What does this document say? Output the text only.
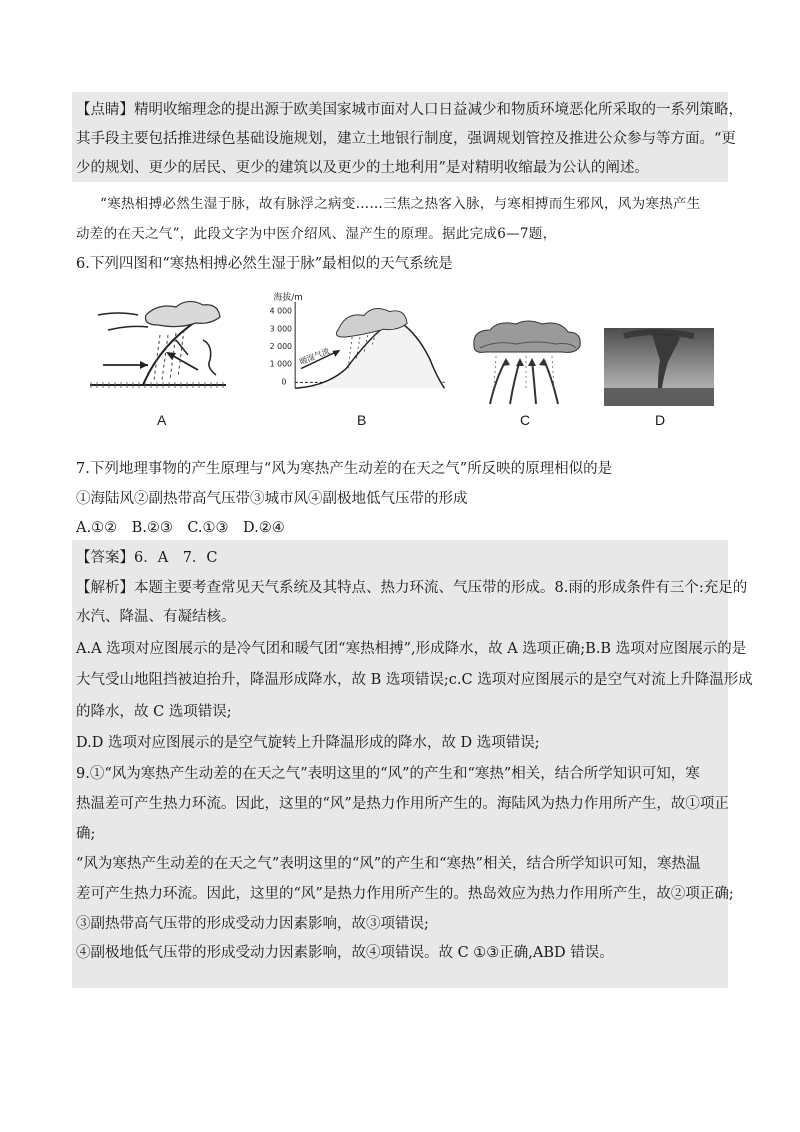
【点睛】精明收缩理念的提出源于欧美国家城市面对人口日益减少和物质环境恶化所采取的一系列策略，
其手段主要包括推进绿色基础设施规划，建立土地银行制度，强调规划管控及推进公众参与等方面。“更
少的规划、更少的居民、更少的建筑以及更少的土地利用”是对精明收缩最为公认的阐述。
“寒热相搏必然生湿于脉，故有脉浮之病变……三焦之热客入脉，与寒相搏而生邪风，风为寒热产生
动差的在天之气”，此段文字为中医介绍风、湿产生的原理。据此完成6—7题，
6.下列四图和“寒热相搏必然生湿于脉”最相似的天气系统是
海拔/m
4 000
3 000
2 000
1 000
0
暖湿气流
A	B	C	D
7.下列地理事物的产生原理与“风为寒热产生动差的在天之气”所反映的原理相似的是
①海陆风②副热带高气压带③城市风④副极地低气压带的形成
A.①②　B.②③　C.①③　D.②④
【答案】6．A　7．C
【解析】本题主要考查常见天气系统及其特点、热力环流、气压带的形成。8.雨的形成条件有三个:充足的
水汽、降温、有凝结核。
A.A 选项对应图展示的是冷气团和暖气团“寒热相搏”,形成降水，故 A 选项正确;B.B 选项对应图展示的是
大气受山地阻挡被迫抬升，降温形成降水，故 B 选项错误;c.C 选项对应图展示的是空气对流上升降温形成
的降水，故 C 选项错误;
D.D 选项对应图展示的是空气旋转上升降温形成的降水，故 D 选项错误;
9.①“风为寒热产生动差的在天之气”表明这里的“风”的产生和“寒热”相关，结合所学知识可知，寒
热温差可产生热力环流。因此，这里的“风”是热力作用所产生的。海陆风为热力作用所产生，故①项正
确;
“风为寒热产生动差的在天之气”表明这里的“风”的产生和“寒热”相关，结合所学知识可知，寒热温
差可产生热力环流。因此，这里的“风”是热力作用所产生的。热岛效应为热力作用所产生，故②项正确;
③副热带高气压带的形成受动力因素影响，故③项错误;
④副极地低气压带的形成受动力因素影响，故④项错误。故 C ①③正确,ABD 错误。
